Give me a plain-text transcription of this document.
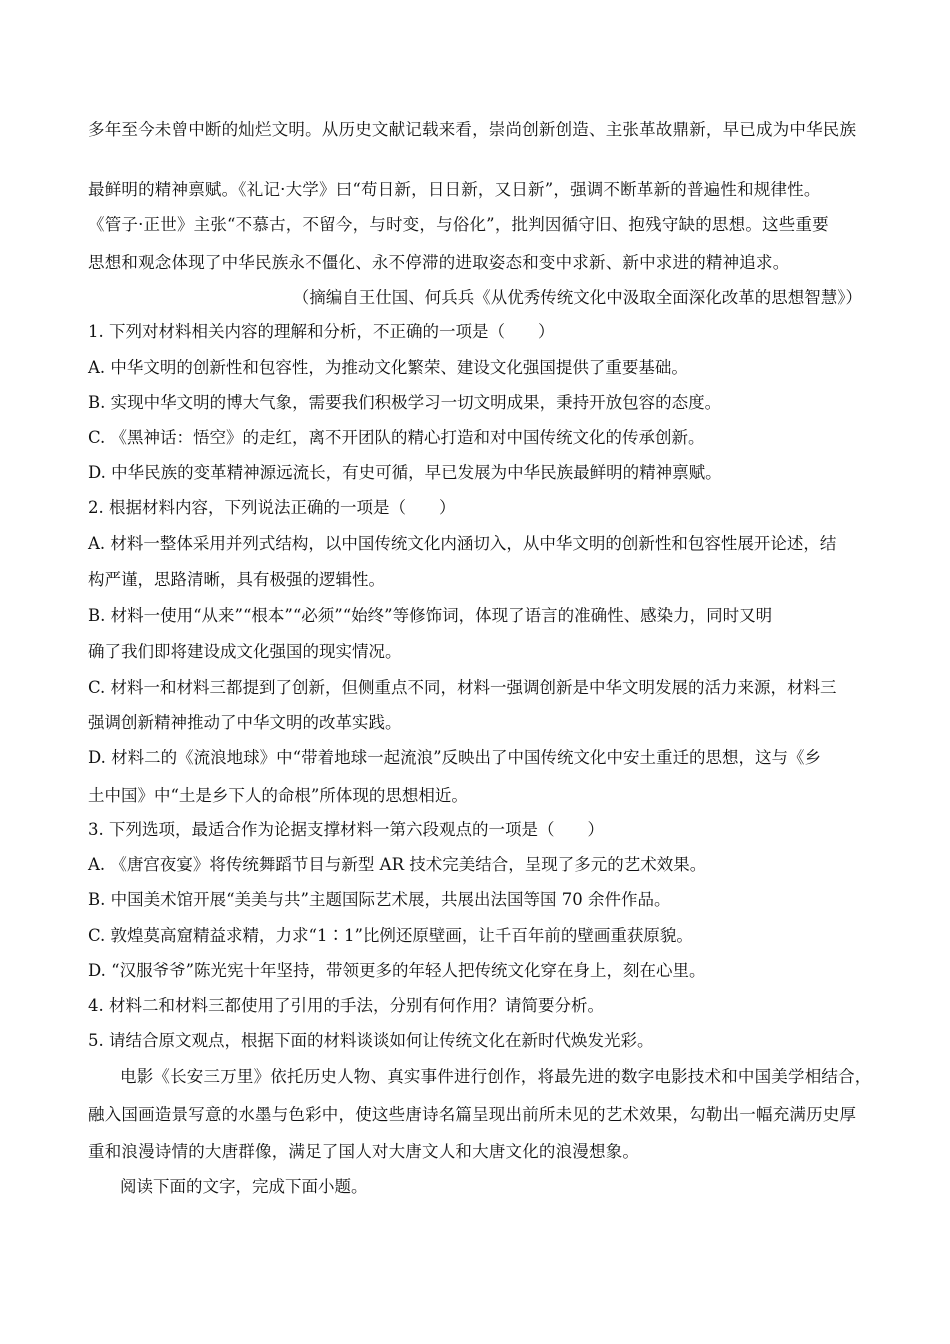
多年至今未曾中断的灿烂文明。从历史文献记载来看，崇尚创新创造、主张革故鼎新，早已成为中华民族
最鲜明的精神禀赋。《礼记·大学》曰“苟日新，日日新，又日新”，强调不断革新的普遍性和规律性。
《管子·正世》主张“不慕古，不留今，与时变，与俗化”，批判因循守旧、抱残守缺的思想。这些重要
思想和观念体现了中华民族永不僵化、永不停滞的进取姿态和变中求新、新中求进的精神追求。
（摘编自王仕国、何兵兵《从优秀传统文化中汲取全面深化改革的思想智慧》）
1. 下列对材料相关内容的理解和分析，不正确的一项是（　　）
A. 中华文明的创新性和包容性，为推动文化繁荣、建设文化强国提供了重要基础。
B. 实现中华文明的博大气象，需要我们积极学习一切文明成果，秉持开放包容的态度。
C. 《黑神话：悟空》的走红，离不开团队的精心打造和对中国传统文化的传承创新。
D. 中华民族的变革精神源远流长，有史可循，早已发展为中华民族最鲜明的精神禀赋。
2. 根据材料内容，下列说法正确的一项是（　　）
A. 材料一整体采用并列式结构，以中国传统文化内涵切入，从中华文明的创新性和包容性展开论述，结
构严谨，思路清晰，具有极强的逻辑性。
B. 材料一使用“从来”“根本”“必须”“始终”等修饰词，体现了语言的准确性、感染力，同时又明
确了我们即将建设成文化强国的现实情况。
C. 材料一和材料三都提到了创新，但侧重点不同，材料一强调创新是中华文明发展的活力来源，材料三
强调创新精神推动了中华文明的改革实践。
D. 材料二的《流浪地球》中“带着地球一起流浪”反映出了中国传统文化中安土重迁的思想，这与《乡
土中国》中“土是乡下人的命根”所体现的思想相近。
3. 下列选项，最适合作为论据支撑材料一第六段观点的一项是（　　）
A. 《唐宫夜宴》将传统舞蹈节目与新型 AR 技术完美结合，呈现了多元的艺术效果。
B. 中国美术馆开展“美美与共”主题国际艺术展，共展出法国等国 70 余件作品。
C. 敦煌莫高窟精益求精，力求“1∶1”比例还原壁画，让千百年前的壁画重获原貌。
D. “汉服爷爷”陈光宪十年坚持，带领更多的年轻人把传统文化穿在身上，刻在心里。
4. 材料二和材料三都使用了引用的手法，分别有何作用？请简要分析。
5. 请结合原文观点，根据下面的材料谈谈如何让传统文化在新时代焕发光彩。
电影《长安三万里》依托历史人物、真实事件进行创作，将最先进的数字电影技术和中国美学相结合，
融入国画造景写意的水墨与色彩中，使这些唐诗名篇呈现出前所未见的艺术效果，勾勒出一幅充满历史厚
重和浪漫诗情的大唐群像，满足了国人对大唐文人和大唐文化的浪漫想象。
阅读下面的文字，完成下面小题。
